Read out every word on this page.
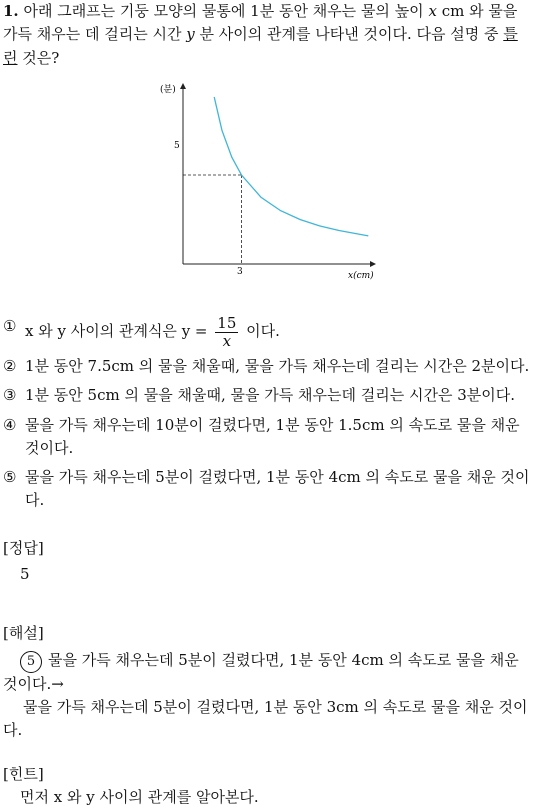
1. 아래 그래프는 기둥 모양의 물통에 1분 동안 채우는 물의 높이 x cm 와 물을 가득 채우는 데 걸리는 시간 y 분 사이의 관계를 나타낸 것이다. 다음 설명 중 틀린 것은?
(분)
x(cm)
5
3
① x 와 y 사이의 관계식은 $y = \frac{15}{x}$ 이다.
② 1분 동안 7.5cm 의 물을 채울때, 물을 가득 채우는데 걸리는 시간은 2분이다.
③ 1분 동안 5cm 의 물을 채울때, 물을 가득 채우는데 걸리는 시간은 3분이다.
④ 물을 가득 채우는데 10분이 걸렸다면, 1분 동안 1.5cm 의 속도로 물을 채운 것이다.
⑤ 물을 가득 채우는데 5분이 걸렸다면, 1분 동안 4cm 의 속도로 물을 채운 것이다.
[정답]
5
[해설]
5 물을 가득 채우는데 5분이 걸렸다면, 1분 동안 4cm 의 속도로 물을 채운 것이다.→
물을 가득 채우는데 5분이 걸렸다면, 1분 동안 3cm 의 속도로 물을 채운 것이다.
[힌트]
먼저 x 와 y 사이의 관계를 알아본다.
